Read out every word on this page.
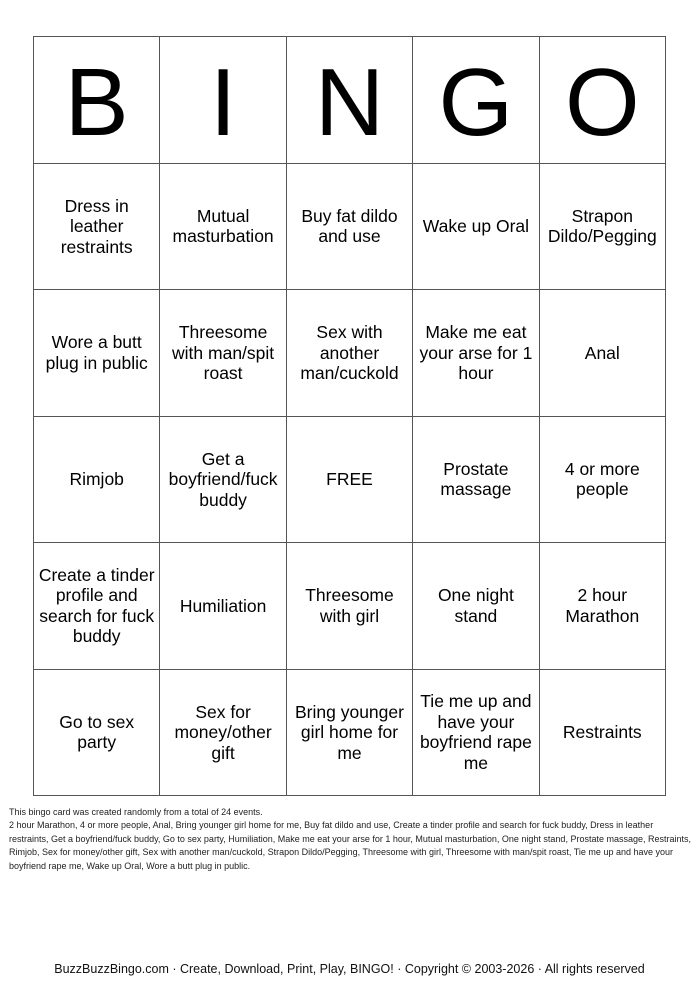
B I N G O
Dress in leather restraints
Mutual masturbation
Buy fat dildo and use
Wake up Oral
Strapon Dildo/Pegging
Wore a butt plug in public
Threesome with man/spit roast
Sex with another man/cuckold
Make me eat your arse for 1 hour
Anal
Rimjob
Get a boyfriend/fuck buddy
FREE
Prostate massage
4 or more people
Create a tinder profile and search for fuck buddy
Humiliation
Threesome with girl
One night stand
2 hour Marathon
Go to sex party
Sex for money/other gift
Bring younger girl home for me
Tie me up and have your boyfriend rape me
Restraints
This bingo card was created randomly from a total of 24 events.
2 hour Marathon, 4 or more people, Anal, Bring younger girl home for me, Buy fat dildo and use, Create a tinder profile and search for fuck buddy, Dress in leather restraints, Get a boyfriend/fuck buddy, Go to sex party, Humiliation, Make me eat your arse for 1 hour, Mutual masturbation, One night stand, Prostate massage, Restraints, Rimjob, Sex for money/other gift, Sex with another man/cuckold, Strapon Dildo/Pegging, Threesome with girl, Threesome with man/spit roast, Tie me up and have your boyfriend rape me, Wake up Oral, Wore a butt plug in public.
BuzzBuzzBingo.com · Create, Download, Print, Play, BINGO! · Copyright © 2003-2026 · All rights reserved
